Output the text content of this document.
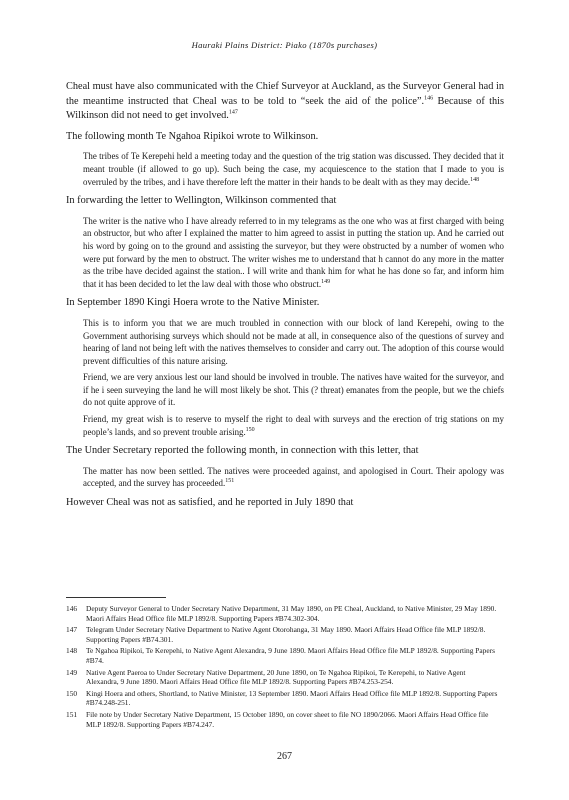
Hauraki Plains District: Piako (1870s purchases)

Cheal must have also communicated with the Chief Surveyor at Auckland, as the Surveyor General had in the meantime instructed that Cheal was to be told to “seek the aid of the police”.$^{146}$ Because of this Wilkinson did not need to get involved.$^{147}$

The following month Te Ngahoa Ripikoi wrote to Wilkinson.

The tribes of Te Kerepehi held a meeting today and the question of the trig station was discussed. They decided that it meant trouble (if allowed to go up). Such being the case, my acquiescence to the station that I made to you is overruled by the tribes, and i have therefore left the matter in their hands to be dealt with as they may decide.$^{148}$

In forwarding the letter to Wellington, Wilkinson commented that

The writer is the native who I have already referred to in my telegrams as the one who was at first charged with being an obstructor, but who after I explained the matter to him agreed to assist in putting the station up. And he carried out his word by going on to the ground and assisting the surveyor, but they were obstructed by a number of women who were put forward by the men to obstruct. The writer wishes me to understand that h cannot do any more in the matter as the tribe have decided against the station.. I will write and thank him for what he has done so far, and inform him that it has been decided to let the law deal with those who obstruct.$^{149}$

In September 1890 Kingi Hoera wrote to the Native Minister.

This is to inform you that we are much troubled in connection with our block of land Kerepehi, owing to the Government authorising surveys which should not be made at all, in consequence also of the questions of survey and hearing of land not being left with the natives themselves to consider and carry out. The adoption of this course would prevent difficulties of this nature arising.

Friend, we are very anxious lest our land should be involved in trouble. The natives have waited for the surveyor, and if he i seen surveying the land he will most likely be shot. This (? threat) emanates from the people, but we the chiefs do not quite approve of it.

Friend, my great wish is to reserve to myself the right to deal with surveys and the erection of trig stations on my people’s lands, and so prevent trouble arising.$^{150}$

The Under Secretary reported the following month, in connection with this letter, that

The matter has now been settled. The natives were proceeded against, and apologised in Court. Their apology was accepted, and the survey has proceeded.$^{151}$

However Cheal was not as satisfied, and he reported in July 1890 that

146	Deputy Surveyor General to Under Secretary Native Department, 31 May 1890, on PE Cheal, Auckland, to Native Minister, 29 May 1890. Maori Affairs Head Office file MLP 1892/8. Supporting Papers #B74.302-304.
147	Telegram Under Secretary Native Department to Native Agent Otorohanga, 31 May 1890. Maori Affairs Head Office file MLP 1892/8. Supporting Papers #B74.301.
148	Te Ngahoa Ripikoi, Te Kerepehi, to Native Agent Alexandra, 9 June 1890. Maori Affairs Head Office file MLP 1892/8. Supporting Papers #B74.
149	Native Agent Paeroa to Under Secretary Native Department, 20 June 1890, on Te Ngahoa Ripikoi, Te Kerepehi, to Native Agent Alexandra, 9 June 1890. Maori Affairs Head Office file MLP 1892/8. Supporting Papers #B74.253-254.
150	Kingi Hoera and others, Shortland, to Native Minister, 13 September 1890. Maori Affairs Head Office file MLP 1892/8. Supporting Papers #B74.248-251.
151	File note by Under Secretary Native Department, 15 October 1890, on cover sheet to file NO 1890/2066. Maori Affairs Head Office file MLP 1892/8. Supporting Papers #B74.247.
267
